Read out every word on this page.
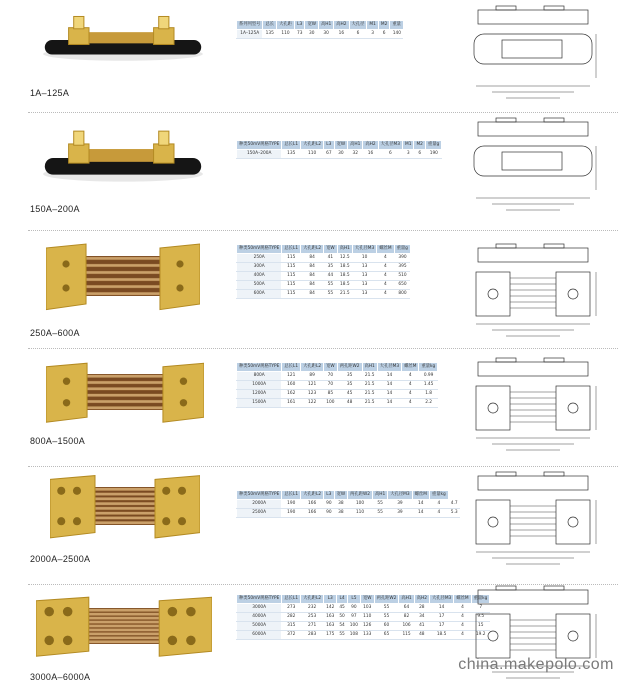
1A–125A
系列列型号	总长	大孔距	L3	宽W	高H1	高H2	大孔径	M1	M2	重量
1A–125A	135	110	73	30	30	16	6	3	6	140
150A–200A
种类50mV规格TYPE	总长L1	大孔距L2	L3	宽W	高H1	高H2	大孔径M3	M1	M2	重量g
150A–200A	135	110	67	30	32	16	6	3	6	190
250A–600A
种类50mV规格TYPE	总长L1	大孔距L2	宽W	高H1	大孔径M3	螺丝M	重量g
250A	115	84	41	12.5	10	4	390
300A	115	84	35	18.5	13	4	395
400A	115	84	44	18.5	13	4	510
500A	115	84	55	18.5	13	4	650
600A	115	84	55	21.5	13	4	800
800A–1500A
种类50mV规格TYPE	总长L1	大孔距L2	宽W	两孔距W2	高H1	大孔径M3	螺丝M	重量kg
800A	121	89	70	35	21.5	14	4	0.99
1000A	160	121	70	35	21.5	14	4	1.45
1200A	162	123	85	45	21.5	14	4	1.8
1500A	161	122	100	48	21.5	14	4	2.2
2000A–2500A
种类50mV规格TYPE	总长L1	大孔距L2	L3	宽W	两孔距W2	高H1	大孔径M3	螺丝M	重量kg	
2000A	190	166	90	38	100	55	39	14	4	4.7
2500A	190	166	90	38	110	55	39	14	4	5.3
3000A–6000A
种类50mV规格TYPE	总长L1	大孔距L2	L3	L4	L5	宽W	两孔距W2	高H1	高H2	大孔径M3	螺丝M	重量kg
3000A	273	232	142	45	90	103	55	64	28	14	4	7
4000A	282	253	163	50	97	110	55	82	34	17	4	9.5
5000A	315	271	163	54	100	126	60	106	41	17	4	15
6000A	372	283	175	55	108	133	65	115	48	18.5	4	19.2
china.makepolo.com
